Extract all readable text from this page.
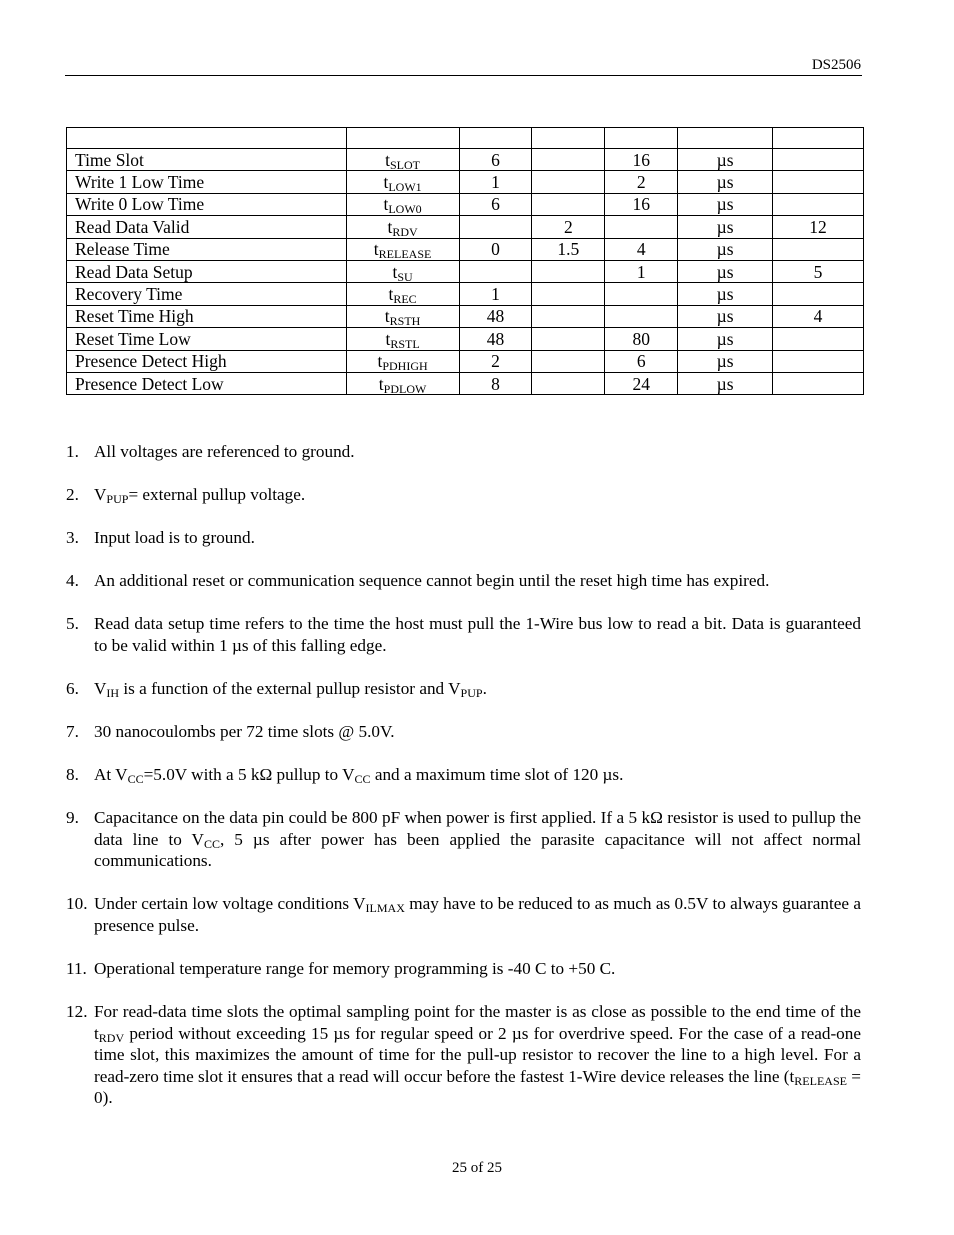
DS2506

Time Slot	$t_{SLOT}$	6		16	µs	
Write 1 Low Time	$t_{LOW1}$	1		2	µs	
Write 0 Low Time	$t_{LOW0}$	6		16	µs	
Read Data Valid	$t_{RDV}$		2		µs	12
Release Time	$t_{RELEASE}$	0	1.5	4	µs	
Read Data Setup	$t_{SU}$			1	µs	5
Recovery Time	$t_{REC}$	1			µs	
Reset Time High	$t_{RSTH}$	48			µs	4
Reset Time Low	$t_{RSTL}$	48		80	µs	
Presence Detect High	$t_{PDHIGH}$	2		6	µs	
Presence Detect Low	$t_{PDLOW}$	8		24	µs	
1. All voltages are referenced to ground.
2. $V_{PUP}=$ external pullup voltage.
3. Input load is to ground.
4. An additional reset or communication sequence cannot begin until the reset high time has expired.
5. Read data setup time refers to the time the host must pull the 1-Wire bus low to read a bit. Data is guaranteed to be valid within 1 µs of this falling edge.
6. $V_{IH}$ is a function of the external pullup resistor and $V_{PUP}$.
7. 30 nanocoulombs per 72 time slots @ 5.0V.
8. At $V_{CC}=5.0V$ with a 5 kΩ pullup to $V_{CC}$ and a maximum time slot of 120 µs.
9. Capacitance on the data pin could be 800 pF when power is first applied. If a 5 kΩ resistor is used to pullup the data line to $V_{CC}$, 5 µs after power has been applied the parasite capacitance will not affect normal communications.
10. Under certain low voltage conditions $V_{ILMAX}$ may have to be reduced to as much as 0.5V to always guarantee a presence pulse.
11. Operational temperature range for memory programming is -40 C to +50 C.
12. For read-data time slots the optimal sampling point for the master is as close as possible to the end time of the $t_{RDV}$ period without exceeding 15 µs for regular speed or 2 µs for overdrive speed. For the case of a read-one time slot, this maximizes the amount of time for the pull-up resistor to recover the line to a high level. For a read-zero time slot it ensures that a read will occur before the fastest 1-Wire device releases the line $(t_{RELEASE} = 0)$.
25 of 25
